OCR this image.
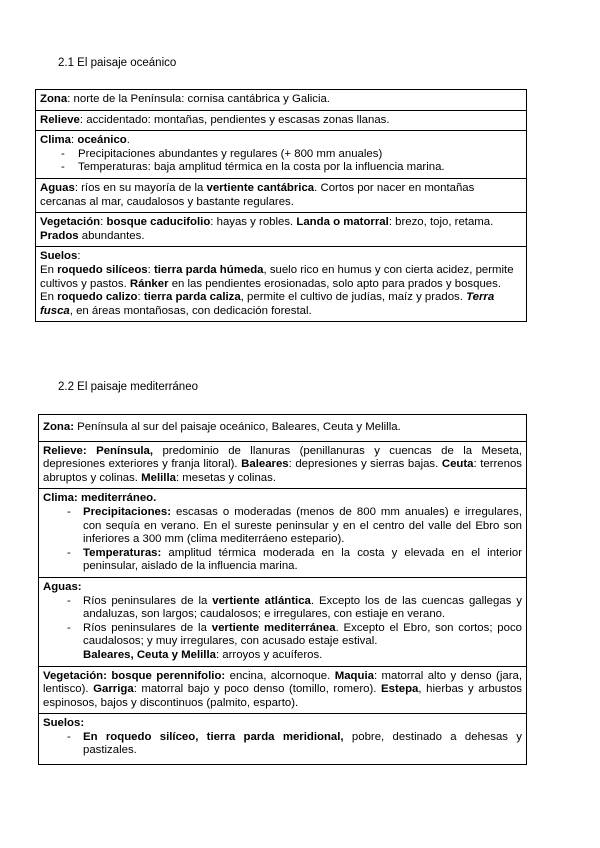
2.1 El paisaje oceánico
Zona: norte de la Península: cornisa cantábrica y Galicia.
Relieve: accidentado: montañas, pendientes y escasas zonas llanas.
Clima: oceánico.
- Precipitaciones abundantes y regulares (+ 800 mm anuales)
- Temperaturas: baja amplitud térmica en la costa por la influencia marina.

Aguas: ríos en su mayoría de la vertiente cantábrica. Cortos por nacer en montañas cercanas al mar, caudalosos y bastante regulares.
Vegetación: bosque caducifolio: hayas y robles. Landa o matorral: brezo, tojo, retama. Prados abundantes.

Suelos:
En roquedo silíceos: tierra parda húmeda, suelo rico en humus y con cierta acidez, permite cultivos y pastos. Ránker en las pendientes erosionadas, solo apto para prados y bosques.
En roquedo calizo: tierra parda caliza, permite el cultivo de judías, maíz y prados. Terra fusca, en áreas montañosas, con dedicación forestal.
2.2 El paisaje mediterráneo
Zona: Península al sur del paisaje oceánico, Baleares, Ceuta y Melilla.
Relieve: Península, predominio de llanuras (penillanuras y cuencas de la Meseta, depresiones exteriores y franja litoral). Baleares: depresiones y sierras bajas. Ceuta: terrenos abruptos y colinas. Melilla: mesetas y colinas.
Clima: mediterráneo.
- Precipitaciones: escasas o moderadas (menos de 800 mm anuales) e irregulares, con sequía en verano. En el sureste peninsular y en el centro del valle del Ebro son inferiores a 300 mm (clima mediterráeno estepario).
- Temperaturas: amplitud térmica moderada en la costa y elevada en el interior peninsular, aislado de la influencia marina.

Aguas:
- Ríos peninsulares de la vertiente atlántica. Excepto los de las cuencas gallegas y andaluzas, son largos; caudalosos; e irregulares, con estiaje en verano.
- Ríos peninsulares de la vertiente mediterránea. Excepto el Ebro, son cortos; poco caudalosos; y muy irregulares, con acusado estaje estival.
Baleares, Ceuta y Melilla: arroyos y acuíferos.

Vegetación: bosque perennifolio: encina, alcornoque. Maquia: matorral alto y denso (jara, lentisco). Garriga: matorral bajo y poco denso (tomillo, romero). Estepa, hierbas y arbustos espinosos, bajos y discontinuos (palmito, esparto).
Suelos:
- En roquedo silíceo, tierra parda meridional, pobre, destinado a dehesas y pastizales.
